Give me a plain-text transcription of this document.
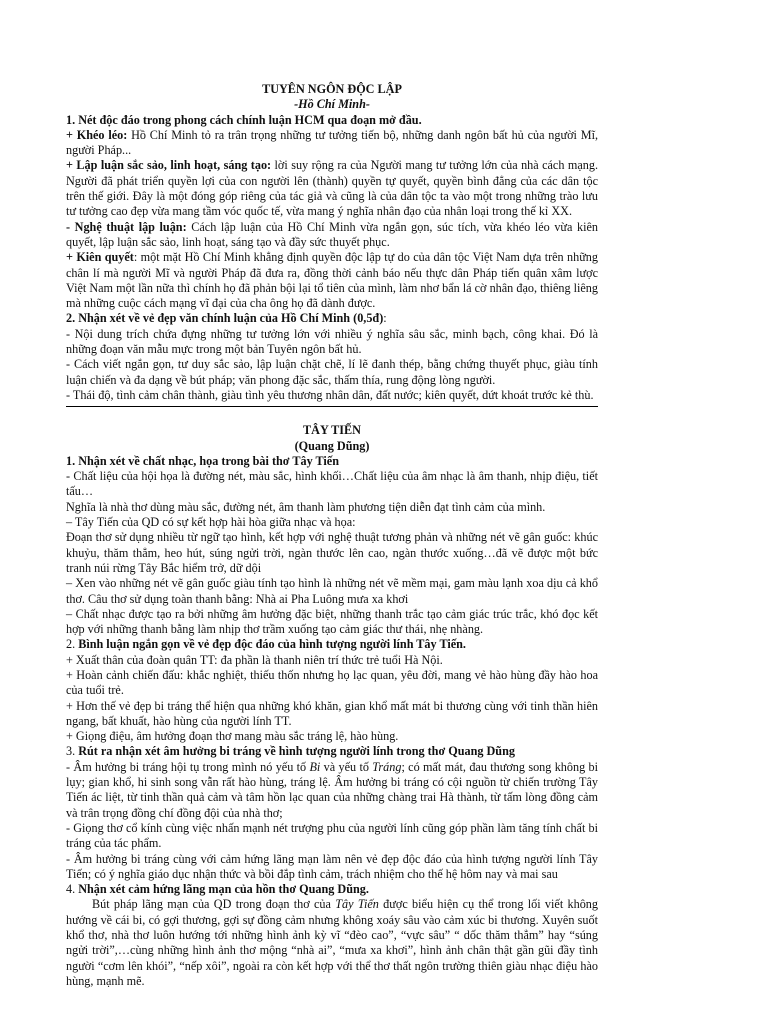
TUYÊN NGÔN ĐỘC LẬP

-Hồ Chí Minh-

1. Nét độc đáo trong phong cách chính luận HCM qua đoạn mở đầu.

+ Khéo léo: Hồ Chí Minh tỏ ra trân trọng những tư tưởng tiến bộ, những danh ngôn bất hủ của người Mĩ, người Pháp...

+ Lập luận sắc sảo, linh hoạt, sáng tạo: lời suy rộng ra của Người mang tư tưởng lớn của nhà cách mạng. Người đã phát triển quyền lợi của con người lên (thành) quyền tự quyết, quyền bình đẳng của các dân tộc trên thế giới. Đây là một đóng góp riêng của tác giả và cũng là của dân tộc ta vào một trong những trào lưu tư tưởng cao đẹp vừa mang tầm vóc quốc tế, vừa mang ý nghĩa nhân đạo của nhân loại trong thế kỉ XX.

- Nghệ thuật lập luận: Cách lập luận của Hồ Chí Minh vừa ngắn gọn, súc tích, vừa khéo léo vừa kiên quyết, lập luận sắc sảo, linh hoạt, sáng tạo và đầy sức thuyết phục.

+ Kiên quyết: một mặt Hồ Chí Minh khẳng định quyền độc lập tự do của dân tộc Việt Nam dựa trên những chân lí mà người Mĩ và người Pháp đã đưa ra, đồng thời cảnh báo nếu thực dân Pháp tiến quân xâm lược Việt Nam một lần nữa thì chính họ đã phản bội lại tổ tiên của mình, làm nhơ bẩn lá cờ nhân đạo, thiêng liêng mà những cuộc cách mạng vĩ đại của cha ông họ đã dành được.

2. Nhận xét về vẻ đẹp văn chính luận của Hồ Chí Minh (0,5đ):

- Nội dung trích chứa đựng những tư tưởng lớn với nhiều ý nghĩa sâu sắc, minh bạch, công khai. Đó là những đoạn văn mẫu mực trong một bản Tuyên ngôn bất hủ.

- Cách viết ngắn gọn, tư duy sắc sảo, lập luận chặt chẽ, lí lẽ đanh thép, bằng chứng thuyết phục, giàu tính luận chiến và đa dạng về bút pháp; văn phong đặc sắc, thấm thía, rung động lòng người.

- Thái độ, tình cảm chân thành, giàu tình yêu thương nhân dân, đất nước; kiên quyết, dứt khoát trước kẻ thù.

TÂY TIẾN

(Quang Dũng)

1. Nhận xét về chất nhạc, họa trong bài thơ Tây Tiến

- Chất liệu của hội họa là đường nét, màu sắc, hình khối…Chất liệu của âm nhạc là âm thanh, nhịp điệu, tiết tấu…

Nghĩa là nhà thơ dùng màu sắc, đường nét, âm thanh làm phương tiện diễn đạt tình cảm của mình.

– Tây Tiến của QD có sự kết hợp hài hòa giữa nhạc và họa:

Đoạn thơ sử dụng nhiều từ ngữ tạo hình, kết hợp với nghệ thuật tương phản và những nét vẽ gân guốc: khúc khuỷu, thăm thẳm, heo hút, súng ngửi trời, ngàn thước lên cao, ngàn thước xuống…đã vẽ được một bức tranh núi rừng Tây Bắc hiểm trở, dữ dội

– Xen vào những nét vẽ gân guốc giàu tính tạo hình là những nét vẽ mềm mại, gam màu lạnh xoa dịu cả khổ thơ. Câu thơ sử dụng toàn thanh bằng: Nhà ai Pha Luông mưa xa khơi

– Chất nhạc được tạo ra bởi những âm hưởng đặc biệt, những thanh trắc tạo cảm giác trúc trắc, khó đọc kết hợp với những thanh bằng làm nhịp thơ trầm xuống tạo cảm giác thư thái, nhẹ nhàng.

2. Bình luận ngắn gọn về vẻ đẹp độc đáo của hình tượng người lính Tây Tiến.

+ Xuất thân của đoàn quân TT: đa phần là thanh niên trí thức trẻ tuổi Hà Nội.

+ Hoàn cảnh chiến đấu: khắc nghiệt, thiếu thốn nhưng họ lạc quan, yêu đời, mang vẻ hào hùng đầy hào hoa của tuổi trẻ.

+ Hơn thế vẻ đẹp bi tráng thể hiện qua những khó khăn, gian khổ mất mát bi thương cùng với tinh thần hiên ngang, bất khuất, hào hùng của người lính TT.

+ Giọng điệu, âm hưởng đoạn thơ mang màu sắc tráng lệ, hào hùng.

3. Rút ra nhận xét âm hưởng bi tráng về hình tượng người lính trong thơ Quang Dũng

- Âm hưởng bi tráng hội tụ trong mình nó yếu tố Bi và yếu tố Tráng; có mất mát, đau thương song không bi lụy; gian khổ, hi sinh song vẫn rất hào hùng, tráng lệ. Âm hưởng bi tráng có cội nguồn từ chiến trường Tây Tiến ác liệt, từ tinh thần quả cảm và tâm hồn lạc quan của những chàng trai Hà thành, từ tấm lòng đồng cảm và trân trọng đồng chí đồng đội của nhà thơ;

- Giọng thơ cổ kính cùng việc nhấn mạnh nét trượng phu của người lính cũng góp phần làm tăng tính chất bi tráng của tác phẩm.

- Âm hưởng bi tráng cùng với cảm hứng lãng mạn làm nên vẻ đẹp độc đáo của hình tượng người lính Tây Tiến; có ý nghĩa giáo dục nhận thức và bồi đắp tình cảm, trách nhiệm cho thế hệ hôm nay và mai sau

4. Nhận xét cảm hứng lãng mạn của hồn thơ Quang Dũng.

Bút pháp lãng mạn của QD trong đoạn thơ của Tây Tiến được biểu hiện cụ thể trong lối viết không hướng về cái bi, có gợi thương, gợi sự đồng cảm nhưng không xoáy sâu vào cảm xúc bi thương. Xuyên suốt khổ thơ, nhà thơ luôn hướng tới những hình ảnh kỳ vĩ “đèo cao”, “vực sâu” “ dốc thăm thẳm” hay “súng ngửi trời”,…cùng những hình ảnh thơ mộng “nhà ai”, “mưa xa khơi”, hình ảnh chân thật gần gũi đầy tình người “cơm lên khói”, “nếp xôi”, ngoài ra còn kết hợp với thể thơ thất ngôn trường thiên giàu nhạc điệu hào hùng, mạnh mẽ.
